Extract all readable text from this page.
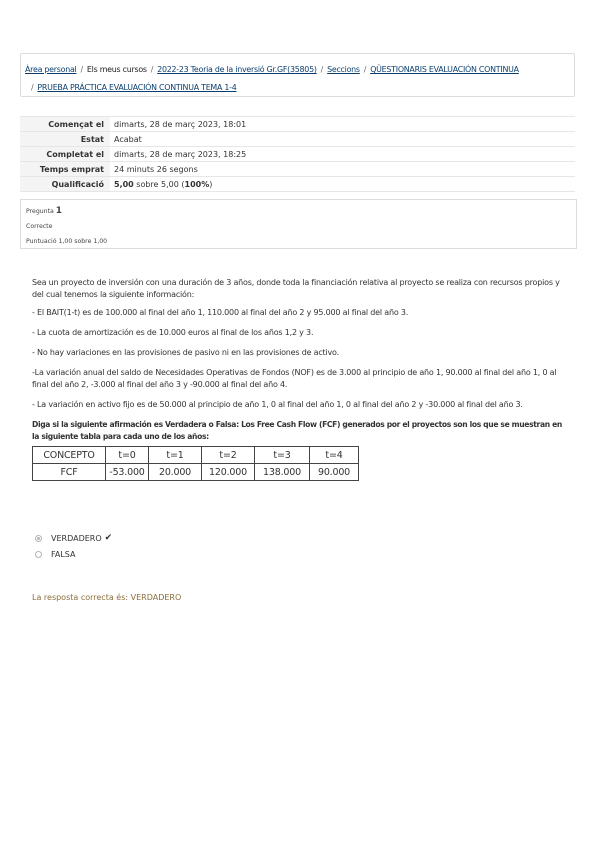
Àrea personal / Els meus cursos / 2022-23 Teoria de la inversió Gr.GF(35805) / Seccions / QÜESTIONARIS EVALUACIÓN CONTINUA
/ PRUEBA PRÁCTICA EVALUACIÓN CONTINUA TEMA 1-4
Començat el	dimarts, 28 de març 2023, 18:01
Estat	Acabat
Completat el	dimarts, 28 de març 2023, 18:25
Temps emprat	24 minuts 26 segons
Qualificació	5,00 sobre 5,00 (100%)
Pregunta 1
Correcte
Puntuació 1,00 sobre 1,00

Sea un proyecto de inversión con una duración de 3 años, donde toda la financiación relativa al proyecto se realiza con recursos propios y del cual tenemos la siguiente información:

- El BAIT(1-t) es de 100.000 al final del año 1, 110.000 al final del año 2 y 95.000 al final del año 3.

- La cuota de amortización es de 10.000 euros al final de los años 1,2 y 3.

- No hay variaciones en las provisiones de pasivo ni en las provisiones de activo.

-La variación anual del saldo de Necesidades Operativas de Fondos (NOF) es de 3.000 al principio de año 1, 90.000 al final del año 1, 0 al final del año 2, -3.000 al final del año 3 y -90.000 al final del año 4.

- La variación en activo fijo es de 50.000 al principio de año 1, 0 al final del año 1, 0 al final del año 2 y -30.000 al final del año 3.

Diga si la siguiente afirmación es Verdadera o Falsa: Los Free Cash Flow (FCF) generados por el proyectos son los que se muestran en la siguiente tabla para cada uno de los años:

CONCEPTO	t=0	t=1	t=2	t=3	t=4
FCF	-53.000	20.000	120.000	138.000	90.000
VERDADERO ✔
FALSA
La resposta correcta és: VERDADERO
